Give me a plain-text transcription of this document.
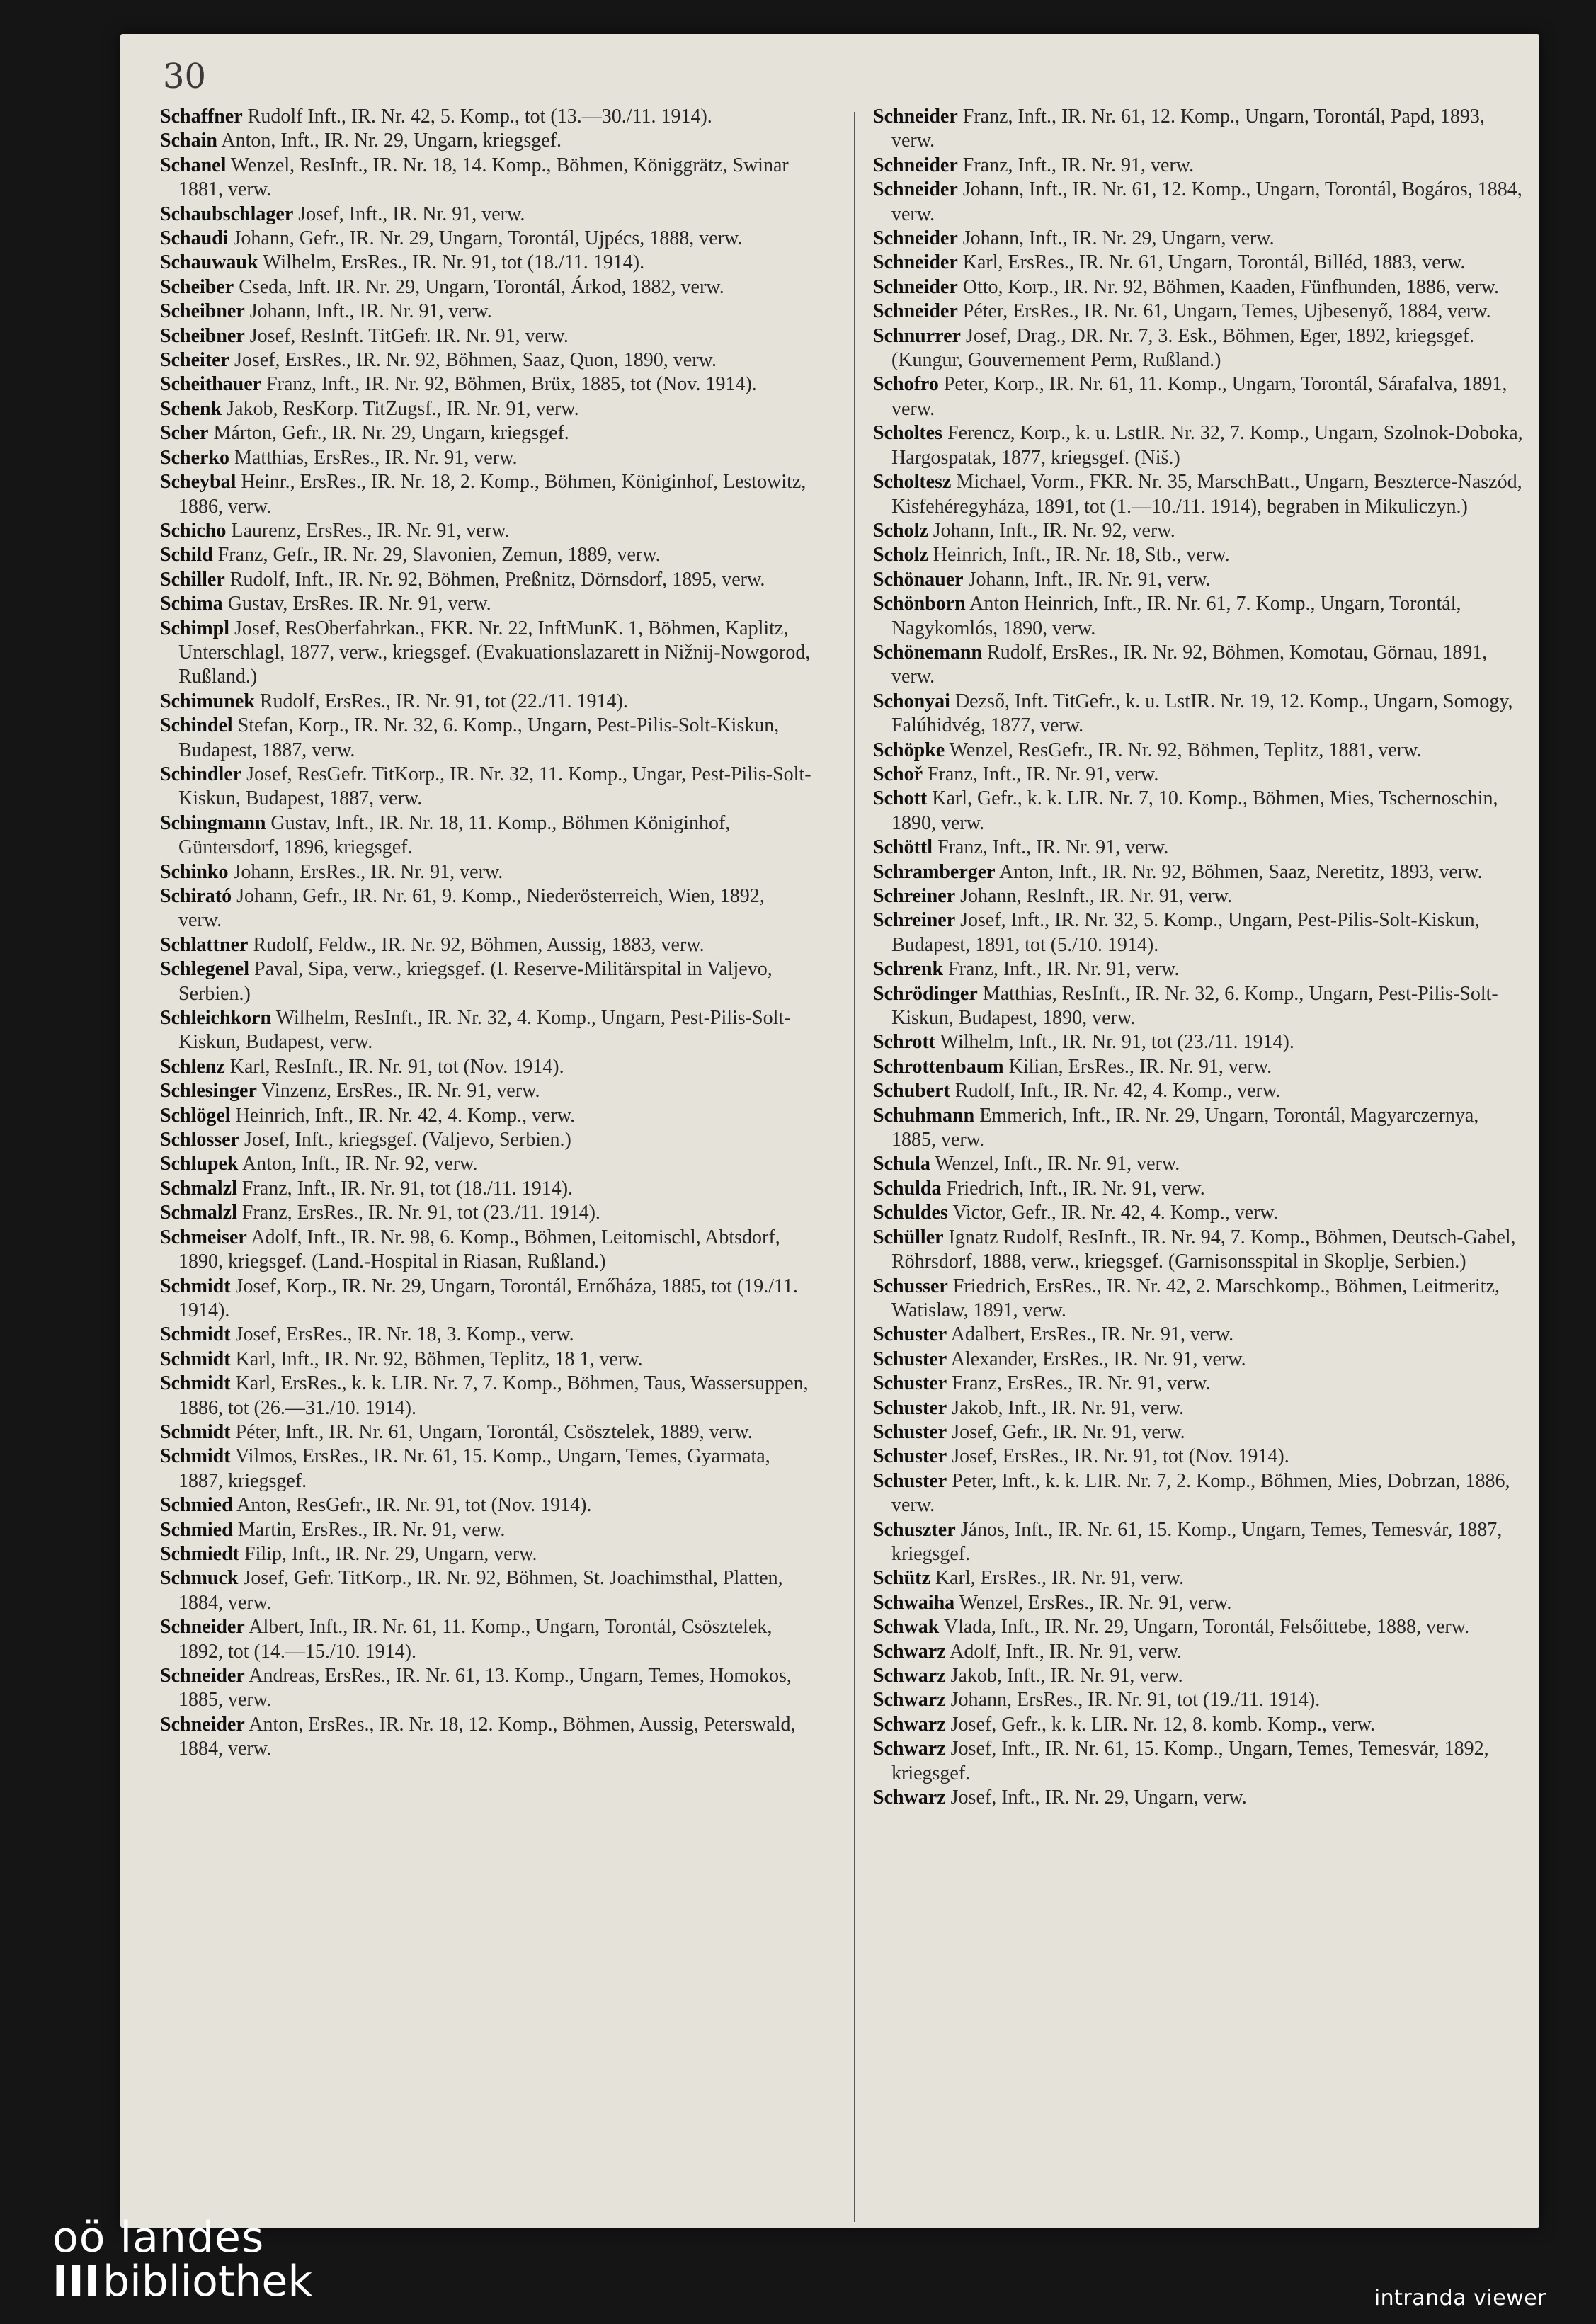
30

Schaffner Rudolf Inft., IR. Nr. 42, 5. Komp., tot (13.—30./11. 1914).

Schain Anton, Inft., IR. Nr. 29, Ungarn, kriegsgef.

Schanel Wenzel, ResInft., IR. Nr. 18, 14. Komp., Böhmen, Königgrätz, Swinar 1881, verw.

Schaubschlager Josef, Inft., IR. Nr. 91, verw.

Schaudi Johann, Gefr., IR. Nr. 29, Ungarn, Torontál, Ujpécs, 1888, verw.

Schauwauk Wilhelm, ErsRes., IR. Nr. 91, tot (18./11. 1914).

Scheiber Cseda, Inft. IR. Nr. 29, Ungarn, Torontál, Árkod, 1882, verw.

Scheibner Johann, Inft., IR. Nr. 91, verw.

Scheibner Josef, ResInft. TitGefr. IR. Nr. 91, verw.

Scheiter Josef, ErsRes., IR. Nr. 92, Böhmen, Saaz, Quon, 1890, verw.

Scheithauer Franz, Inft., IR. Nr. 92, Böhmen, Brüx, 1885, tot (Nov. 1914).

Schenk Jakob, ResKorp. TitZugsf., IR. Nr. 91, verw.

Scher Márton, Gefr., IR. Nr. 29, Ungarn, kriegsgef.

Scherko Matthias, ErsRes., IR. Nr. 91, verw.

Scheybal Heinr., ErsRes., IR. Nr. 18, 2. Komp., Böhmen, Königinhof, Lestowitz, 1886, verw.

Schicho Laurenz, ErsRes., IR. Nr. 91, verw.

Schild Franz, Gefr., IR. Nr. 29, Slavonien, Zemun, 1889, verw.

Schiller Rudolf, Inft., IR. Nr. 92, Böhmen, Preßnitz, Dörnsdorf, 1895, verw.

Schima Gustav, ErsRes. IR. Nr. 91, verw.

Schimpl Josef, ResOberfahrkan., FKR. Nr. 22, InftMunK. 1, Böhmen, Kaplitz, Unterschlagl, 1877, verw., kriegsgef. (Evakuationslazarett in Nižnij-Nowgorod, Rußland.)

Schimunek Rudolf, ErsRes., IR. Nr. 91, tot (22./11. 1914).

Schindel Stefan, Korp., IR. Nr. 32, 6. Komp., Ungarn, Pest-Pilis-Solt-Kiskun, Budapest, 1887, verw.

Schindler Josef, ResGefr. TitKorp., IR. Nr. 32, 11. Komp., Ungar, Pest-Pilis-Solt-Kiskun, Budapest, 1887, verw.

Schingmann Gustav, Inft., IR. Nr. 18, 11. Komp., Böhmen Königinhof, Güntersdorf, 1896, kriegsgef.

Schinko Johann, ErsRes., IR. Nr. 91, verw.

Schirató Johann, Gefr., IR. Nr. 61, 9. Komp., Niederösterreich, Wien, 1892, verw.

Schlattner Rudolf, Feldw., IR. Nr. 92, Böhmen, Aussig, 1883, verw.

Schlegenel Paval, Sipa, verw., kriegsgef. (I. Reserve-Militärspital in Valjevo, Serbien.)

Schleichkorn Wilhelm, ResInft., IR. Nr. 32, 4. Komp., Ungarn, Pest-Pilis-Solt-Kiskun, Budapest, verw.

Schlenz Karl, ResInft., IR. Nr. 91, tot (Nov. 1914).

Schlesinger Vinzenz, ErsRes., IR. Nr. 91, verw.

Schlögel Heinrich, Inft., IR. Nr. 42, 4. Komp., verw.

Schlosser Josef, Inft., kriegsgef. (Valjevo, Serbien.)

Schlupek Anton, Inft., IR. Nr. 92, verw.

Schmalzl Franz, Inft., IR. Nr. 91, tot (18./11. 1914).

Schmalzl Franz, ErsRes., IR. Nr. 91, tot (23./11. 1914).

Schmeiser Adolf, Inft., IR. Nr. 98, 6. Komp., Böhmen, Leitomischl, Abtsdorf, 1890, kriegsgef. (Land.-Hospital in Riasan, Rußland.)

Schmidt Josef, Korp., IR. Nr. 29, Ungarn, Torontál, Ernőháza, 1885, tot (19./11. 1914).

Schmidt Josef, ErsRes., IR. Nr. 18, 3. Komp., verw.

Schmidt Karl, Inft., IR. Nr. 92, Böhmen, Teplitz, 18 1, verw.

Schmidt Karl, ErsRes., k. k. LIR. Nr. 7, 7. Komp., Böhmen, Taus, Wassersuppen, 1886, tot (26.—31./10. 1914).

Schmidt Péter, Inft., IR. Nr. 61, Ungarn, Torontál, Csösztelek, 1889, verw.

Schmidt Vilmos, ErsRes., IR. Nr. 61, 15. Komp., Ungarn, Temes, Gyarmata, 1887, kriegsgef.

Schmied Anton, ResGefr., IR. Nr. 91, tot (Nov. 1914).

Schmied Martin, ErsRes., IR. Nr. 91, verw.

Schmiedt Filip, Inft., IR. Nr. 29, Ungarn, verw.

Schmuck Josef, Gefr. TitKorp., IR. Nr. 92, Böhmen, St. Joachimsthal, Platten, 1884, verw.

Schneider Albert, Inft., IR. Nr. 61, 11. Komp., Ungarn, Torontál, Csösztelek, 1892, tot (14.—15./10. 1914).

Schneider Andreas, ErsRes., IR. Nr. 61, 13. Komp., Ungarn, Temes, Homokos, 1885, verw.

Schneider Anton, ErsRes., IR. Nr. 18, 12. Komp., Böhmen, Aussig, Peterswald, 1884, verw.

Schneider Franz, Inft., IR. Nr. 61, 12. Komp., Ungarn, Torontál, Papd, 1893, verw.

Schneider Franz, Inft., IR. Nr. 91, verw.

Schneider Johann, Inft., IR. Nr. 61, 12. Komp., Ungarn, Torontál, Bogáros, 1884, verw.

Schneider Johann, Inft., IR. Nr. 29, Ungarn, verw.

Schneider Karl, ErsRes., IR. Nr. 61, Ungarn, Torontál, Billéd, 1883, verw.

Schneider Otto, Korp., IR. Nr. 92, Böhmen, Kaaden, Fünfhunden, 1886, verw.

Schneider Péter, ErsRes., IR. Nr. 61, Ungarn, Temes, Ujbesenyő, 1884, verw.

Schnurrer Josef, Drag., DR. Nr. 7, 3. Esk., Böhmen, Eger, 1892, kriegsgef. (Kungur, Gouvernement Perm, Rußland.)

Schofro Peter, Korp., IR. Nr. 61, 11. Komp., Ungarn, Torontál, Sárafalva, 1891, verw.

Scholtes Ferencz, Korp., k. u. LstIR. Nr. 32, 7. Komp., Ungarn, Szolnok-Doboka, Hargospatak, 1877, kriegsgef. (Niš.)

Scholtesz Michael, Vorm., FKR. Nr. 35, MarschBatt., Ungarn, Beszterce-Naszód, Kisfehéregyháza, 1891, tot (1.—10./11. 1914), begraben in Mikuliczyn.)

Scholz Johann, Inft., IR. Nr. 92, verw.

Scholz Heinrich, Inft., IR. Nr. 18, Stb., verw.

Schönauer Johann, Inft., IR. Nr. 91, verw.

Schönborn Anton Heinrich, Inft., IR. Nr. 61, 7. Komp., Ungarn, Torontál, Nagykomlós, 1890, verw.

Schönemann Rudolf, ErsRes., IR. Nr. 92, Böhmen, Komotau, Görnau, 1891, verw.

Schonyai Dezső, Inft. TitGefr., k. u. LstIR. Nr. 19, 12. Komp., Ungarn, Somogy, Falúhidvég, 1877, verw.

Schöpke Wenzel, ResGefr., IR. Nr. 92, Böhmen, Teplitz, 1881, verw.

Schoř Franz, Inft., IR. Nr. 91, verw.

Schott Karl, Gefr., k. k. LIR. Nr. 7, 10. Komp., Böhmen, Mies, Tschernoschin, 1890, verw.

Schöttl Franz, Inft., IR. Nr. 91, verw.

Schramberger Anton, Inft., IR. Nr. 92, Böhmen, Saaz, Neretitz, 1893, verw.

Schreiner Johann, ResInft., IR. Nr. 91, verw.

Schreiner Josef, Inft., IR. Nr. 32, 5. Komp., Ungarn, Pest-Pilis-Solt-Kiskun, Budapest, 1891, tot (5./10. 1914).

Schrenk Franz, Inft., IR. Nr. 91, verw.

Schrödinger Matthias, ResInft., IR. Nr. 32, 6. Komp., Ungarn, Pest-Pilis-Solt-Kiskun, Budapest, 1890, verw.

Schrott Wilhelm, Inft., IR. Nr. 91, tot (23./11. 1914).

Schrottenbaum Kilian, ErsRes., IR. Nr. 91, verw.

Schubert Rudolf, Inft., IR. Nr. 42, 4. Komp., verw.

Schuhmann Emmerich, Inft., IR. Nr. 29, Ungarn, Torontál, Magyarczernya, 1885, verw.

Schula Wenzel, Inft., IR. Nr. 91, verw.

Schulda Friedrich, Inft., IR. Nr. 91, verw.

Schuldes Victor, Gefr., IR. Nr. 42, 4. Komp., verw.

Schüller Ignatz Rudolf, ResInft., IR. Nr. 94, 7. Komp., Böhmen, Deutsch-Gabel, Röhrsdorf, 1888, verw., kriegsgef. (Garnisonsspital in Skoplje, Serbien.)

Schusser Friedrich, ErsRes., IR. Nr. 42, 2. Marschkomp., Böhmen, Leitmeritz, Watislaw, 1891, verw.

Schuster Adalbert, ErsRes., IR. Nr. 91, verw.

Schuster Alexander, ErsRes., IR. Nr. 91, verw.

Schuster Franz, ErsRes., IR. Nr. 91, verw.

Schuster Jakob, Inft., IR. Nr. 91, verw.

Schuster Josef, Gefr., IR. Nr. 91, verw.

Schuster Josef, ErsRes., IR. Nr. 91, tot (Nov. 1914).

Schuster Peter, Inft., k. k. LIR. Nr. 7, 2. Komp., Böhmen, Mies, Dobrzan, 1886, verw.

Schuszter János, Inft., IR. Nr. 61, 15. Komp., Ungarn, Temes, Temesvár, 1887, kriegsgef.

Schütz Karl, ErsRes., IR. Nr. 91, verw.

Schwaiha Wenzel, ErsRes., IR. Nr. 91, verw.

Schwak Vlada, Inft., IR. Nr. 29, Ungarn, Torontál, Felsőittebe, 1888, verw.

Schwarz Adolf, Inft., IR. Nr. 91, verw.

Schwarz Jakob, Inft., IR. Nr. 91, verw.

Schwarz Johann, ErsRes., IR. Nr. 91, tot (19./11. 1914).

Schwarz Josef, Gefr., k. k. LIR. Nr. 12, 8. komb. Komp., verw.

Schwarz Josef, Inft., IR. Nr. 61, 15. Komp., Ungarn, Temes, Temesvár, 1892, kriegsgef.

Schwarz Josef, Inft., IR. Nr. 29, Ungarn, verw.

oö landes
IIIbibliothek	intranda viewer
